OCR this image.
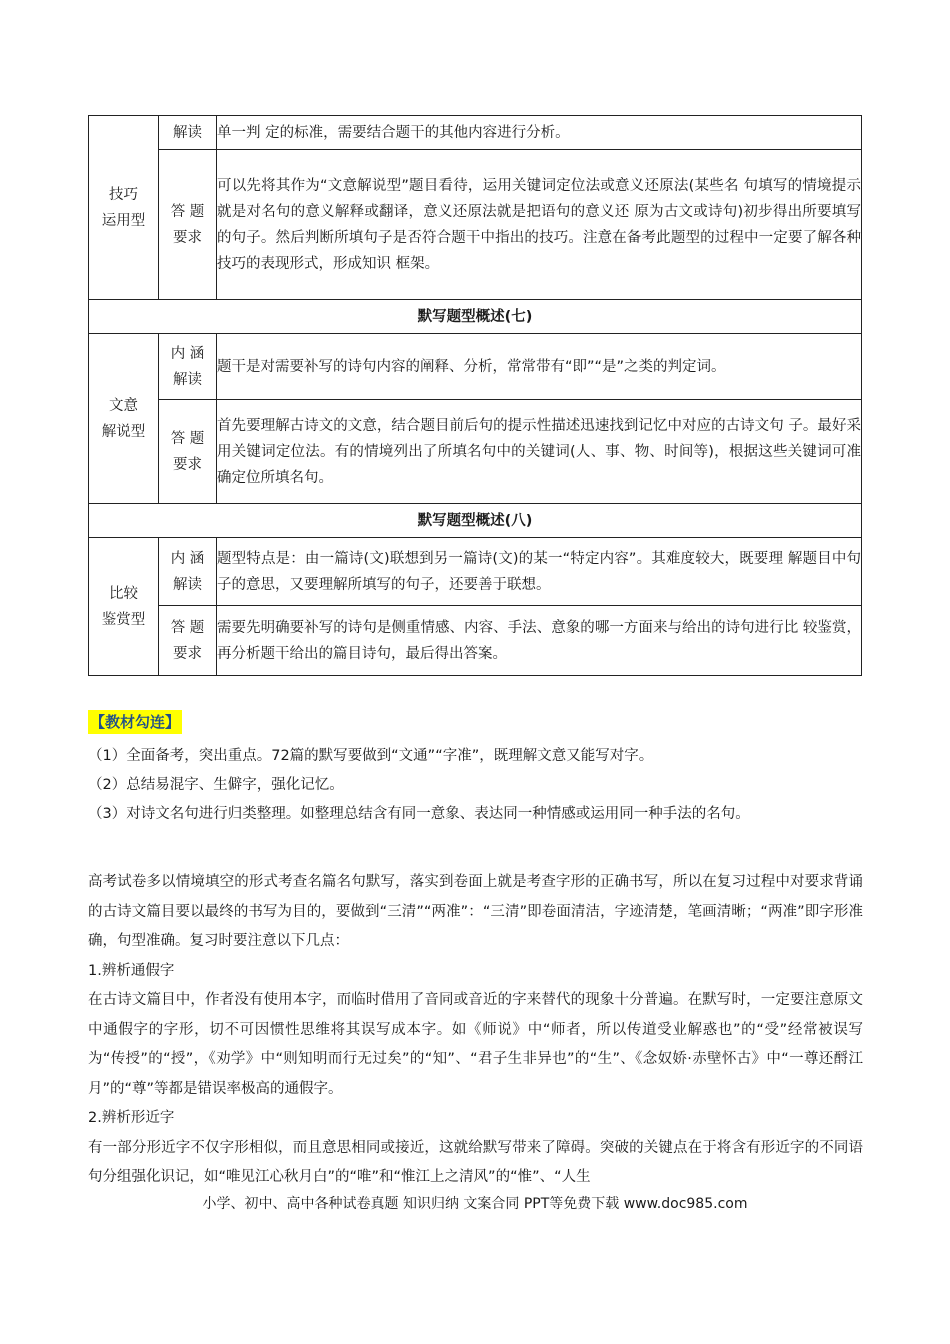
技巧
运用型	解读	单一判 定的标准，需要结合题干的其他内容进行分析。

	答 题
要求	可以先将其作为“文意解说型”题目看待，运用关键词定位法或意义还原法(某些名 句填写的情境提示就是对名句的意义解释或翻译，意义还原法就是把语句的意义还 原为古文或诗句)初步得出所要填写的句子。然后判断所填句子是否符合题干中指出的技巧。注意在备考此题型的过程中一定要了解各种技巧的表现形式，形成知识 框架。
默写题型概述(七)		

文意
解说型	内 涵
解读	题干是对需要补写的诗句内容的阐释、分析，常常带有“即”“是”之类的判定词。

	答 题
要求	首先要理解古诗文的文意，结合题目前后句的提示性描述迅速找到记忆中对应的古诗文句 子。最好采用关键词定位法。有的情境列出了所填名句中的关键词(人、事、物、时间等)，根据这些关键词可准确定位所填名句。
默写题型概述(八)		

比较
鉴赏型	内 涵
解读	题型特点是：由一篇诗(文)联想到另一篇诗(文)的某一“特定内容”。其难度较大，既要理 解题目中句子的意思，又要理解所填写的句子，还要善于联想。

	答 题
要求	需要先明确要补写的诗句是侧重情感、内容、手法、意象的哪一方面来与给出的诗句进行比 较鉴赏，再分析题干给出的篇目诗句，最后得出答案。
【教材勾连】
（1）全面备考，突出重点。72篇的默写要做到“文通”“字准”，既理解文意又能写对字。
（2）总结易混字、生僻字，强化记忆。
（3）对诗文名句进行归类整理。如整理总结含有同一意象、表达同一种情感或运用同一种手法的名句。

高考试卷多以情境填空的形式考查名篇名句默写，落实到卷面上就是考查字形的正确书写，所以在复习过程中对要求背诵的古诗文篇目要以最终的书写为目的，要做到“三清”“两准”：“三清”即卷面清洁，字迹清楚，笔画清晰；“两准”即字形准确，句型准确。复习时要注意以下几点：

1.辨析通假字

在古诗文篇目中，作者没有使用本字，而临时借用了音同或音近的字来替代的现象十分普遍。在默写时，一定要注意原文中通假字的字形，切不可因惯性思维将其误写成本字。如《师说》中“师者，所以传道受业解惑也”的“受”经常被误写为“传授”的“授”，《劝学》中“则知明而行无过矣”的“知”、“君子生非异也”的“生”、《念奴娇·赤壁怀古》中“一尊还酹江月”的“尊”等都是错误率极高的通假字。

2.辨析形近字

有一部分形近字不仅字形相似，而且意思相同或接近，这就给默写带来了障碍。突破的关键点在于将含有形近字的不同语句分组强化识记，如“唯见江心秋月白”的“唯”和“惟江上之清风”的“惟”、“人生

小学、初中、高中各种试卷真题 知识归纳 文案合同 PPT等免费下载 www.doc985.com
